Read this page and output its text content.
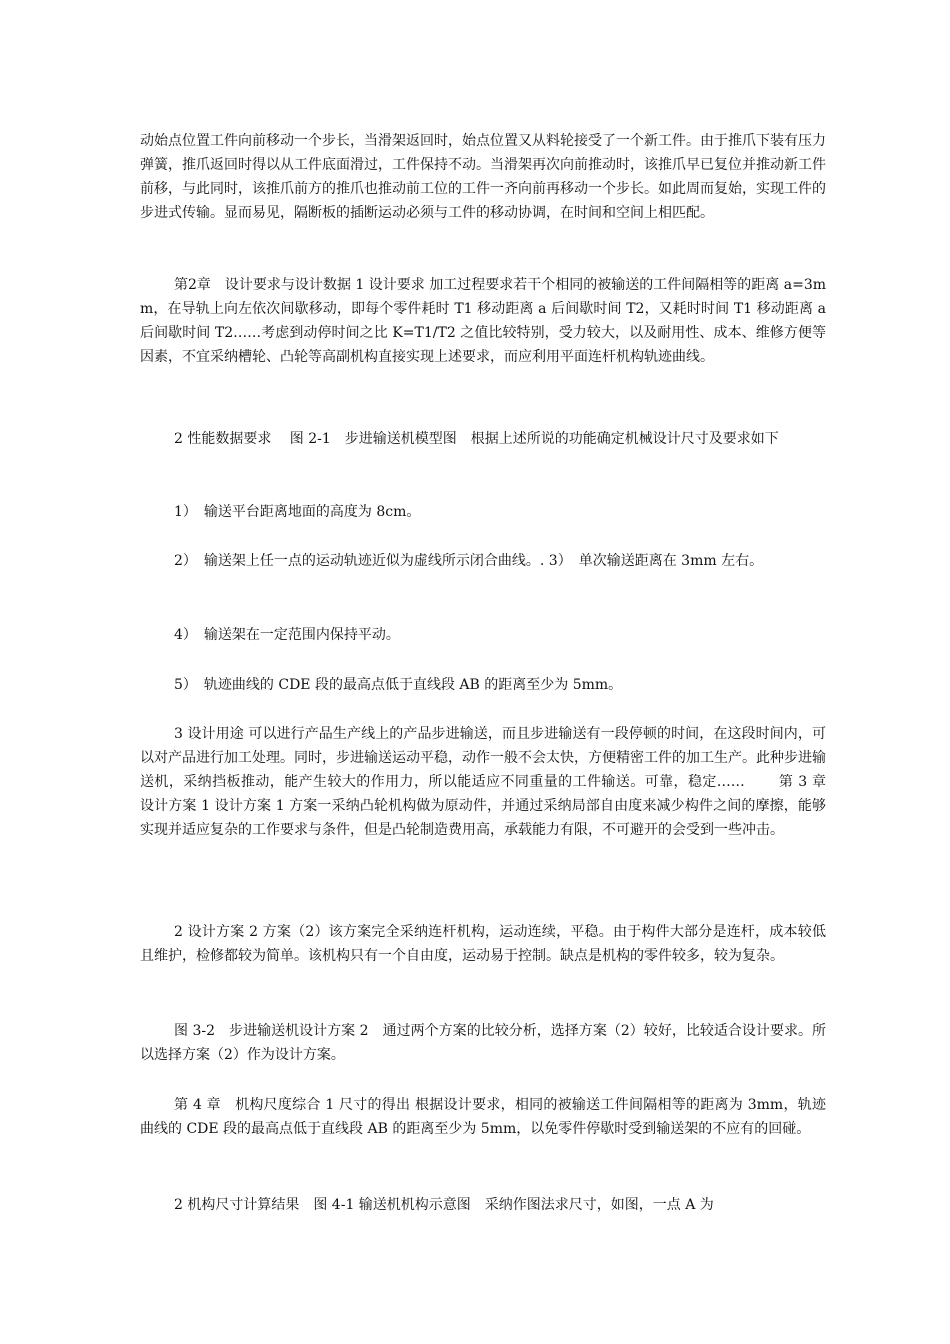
动始点位置工件向前移动一个步长，当滑架返回时，始点位置又从料轮接受了一个新工件。由于推爪下装有压力弹簧，推爪返回时得以从工件底面滑过，工件保持不动。当滑架再次向前推动时，该推爪早已复位并推动新工件前移，与此同时，该推爪前方的推爪也推动前工位的工件一齐向前再移动一个步长。如此周而复始，实现工件的步进式传输。显而易见，隔断板的插断运动必须与工件的移动协调，在时间和空间上相匹配。

第2章　设计要求与设计数据 1 设计要求 加工过程要求若干个相同的被输送的工件间隔相等的距离 a=3mm，在导轨上向左依次间歇移动，即每个零件耗时 T1 移动距离 a 后间歇时间 T2，又耗时时间 T1 移动距离 a 后间歇时间 T2……考虑到动停时间之比 K=T1/T2 之值比较特别，受力较大，以及耐用性、成本、维修方便等因素，不宜采纳槽轮、凸轮等高副机构直接实现上述要求，而应利用平面连杆机构轨迹曲线。

2 性能数据要求　 图 2-1　步进输送机模型图　根据上述所说的功能确定机械设计尺寸及要求如下

1）　输送平台距离地面的高度为 8cm。

2）　输送架上任一点的运动轨迹近似为虚线所示闭合曲线。. 3）　单次输送距离在 3mm 左右。

4）　输送架在一定范围内保持平动。

5）　轨迹曲线的 CDE 段的最高点低于直线段 AB 的距离至少为 5mm。

3 设计用途 可以进行产品生产线上的产品步进输送，而且步进输送有一段停顿的时间，在这段时间内，可以对产品进行加工处理。同时，步进输送运动平稳，动作一般不会太快，方便精密工件的加工生产。此种步进输送机，采纳挡板推动，能产生较大的作用力，所以能适应不同重量的工件输送。可靠，稳定……　　 第 3 章　　设计方案 1 设计方案 1 方案一采纳凸轮机构做为原动件，并通过采纳局部自由度来减少构件之间的摩擦，能够实现并适应复杂的工作要求与条件，但是凸轮制造费用高，承载能力有限，不可避开的会受到一些冲击。

2 设计方案 2 方案（2）该方案完全采纳连杆机构，运动连续，平稳。由于构件大部分是连杆，成本较低且维护，检修都较为简单。该机构只有一个自由度，运动易于控制。缺点是机构的零件较多，较为复杂。

图 3-2　步进输送机设计方案 2　通过两个方案的比较分析，选择方案（2）较好，比较适合设计要求。所以选择方案（2）作为设计方案。

第 4 章　机构尺度综合 1 尺寸的得出 根据设计要求，相同的被输送工件间隔相等的距离为 3mm，轨迹曲线的 CDE 段的最高点低于直线段 AB 的距离至少为 5mm，以免零件停歇时受到输送架的不应有的回碰。

2 机构尺寸计算结果　图 4-1 输送机机构示意图　采纳作图法求尺寸，如图，一点 A 为
